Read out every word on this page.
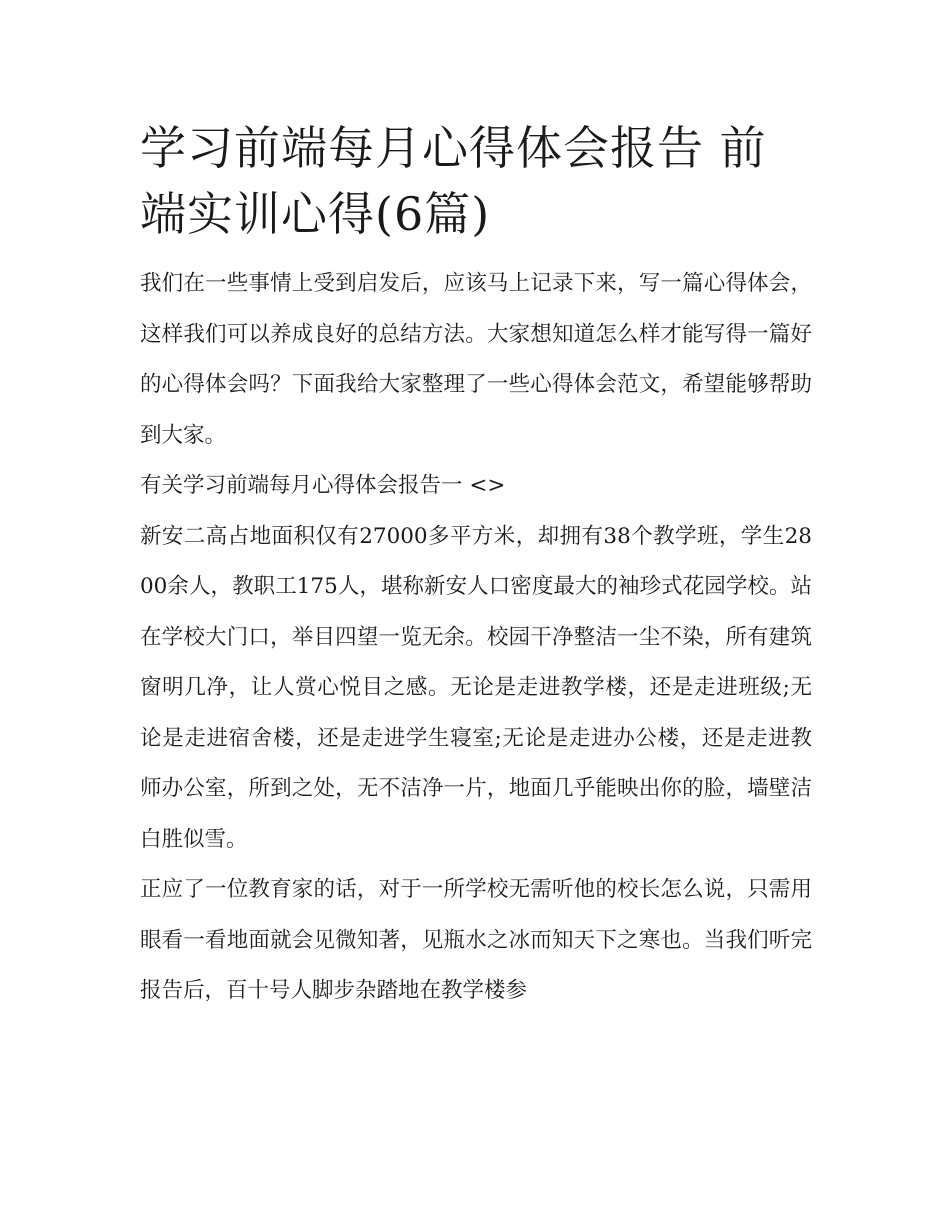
学习前端每月心得体会报告 前端实训心得(6篇)

我们在一些事情上受到启发后，应该马上记录下来，写一篇心得体会，这样我们可以养成良好的总结方法。大家想知道怎么样才能写得一篇好的心得体会吗？下面我给大家整理了一些心得体会范文，希望能够帮助到大家。

有关学习前端每月心得体会报告一 <>

新安二高占地面积仅有27000多平方米，却拥有38个教学班，学生2800余人，教职工175人，堪称新安人口密度最大的袖珍式花园学校。站在学校大门口，举目四望一览无余。校园干净整洁一尘不染，所有建筑窗明几净，让人赏心悦目之感。无论是走进教学楼，还是走进班级;无论是走进宿舍楼，还是走进学生寝室;无论是走进办公楼，还是走进教师办公室，所到之处，无不洁净一片，地面几乎能映出你的脸，墙壁洁白胜似雪。

正应了一位教育家的话，对于一所学校无需听他的校长怎么说，只需用眼看一看地面就会见微知著，见瓶水之冰而知天下之寒也。当我们听完报告后，百十号人脚步杂踏地在教学楼参
